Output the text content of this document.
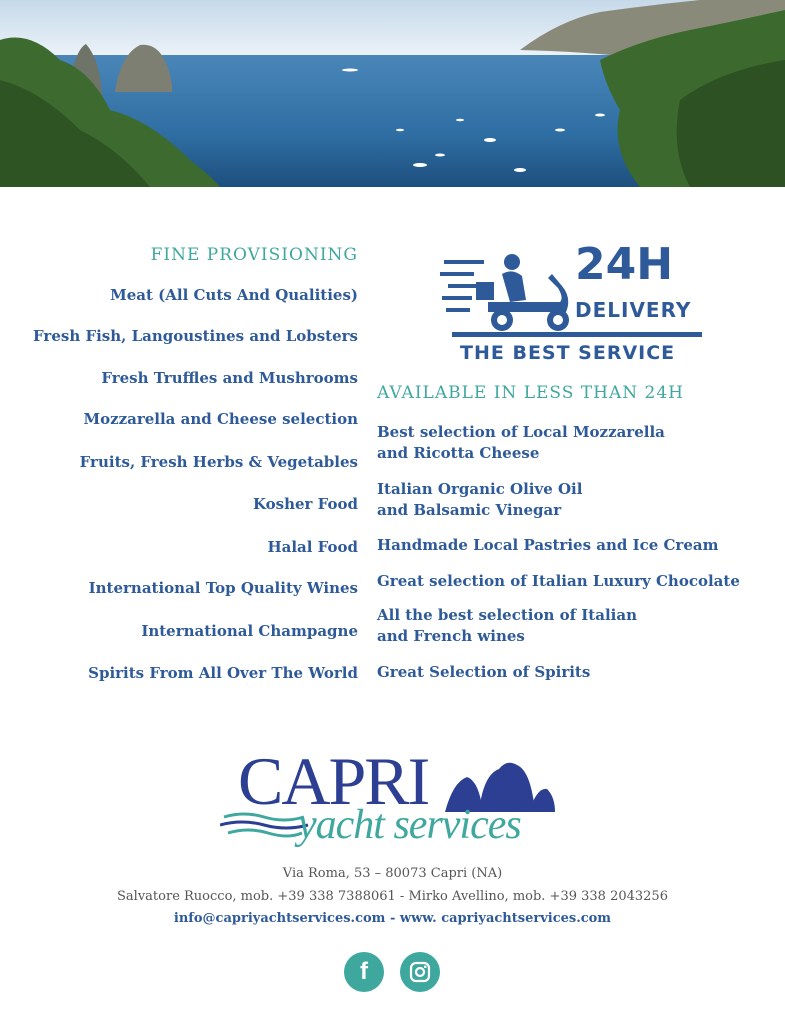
FINE PROVISIONING
Meat (All Cuts And Qualities)
Fresh Fish, Langoustines and Lobsters
Fresh Truffles and Mushrooms
Mozzarella and Cheese selection
Fruits, Fresh Herbs & Vegetables
Kosher Food
Halal Food
International Top Quality Wines
International Champagne
Spirits From All Over The World
24H
DELIVERY
THE BEST SERVICE
AVAILABLE IN LESS THAN 24H
Best selection of Local Mozzarella
and Ricotta Cheese
Italian Organic Olive Oil
and Balsamic Vinegar
Handmade Local Pastries and Ice Cream
Great selection of Italian Luxury Chocolate
All the best selection of Italian
and French wines
Great Selection of Spirits
CAPRI
yacht services
Via Roma, 53 – 80073 Capri (NA)
Salvatore Ruocco, mob. +39 338 7388061 - Mirko Avellino, mob. +39 338 2043256
info@capriyachtservices.com - www. capriyachtservices.com
f
